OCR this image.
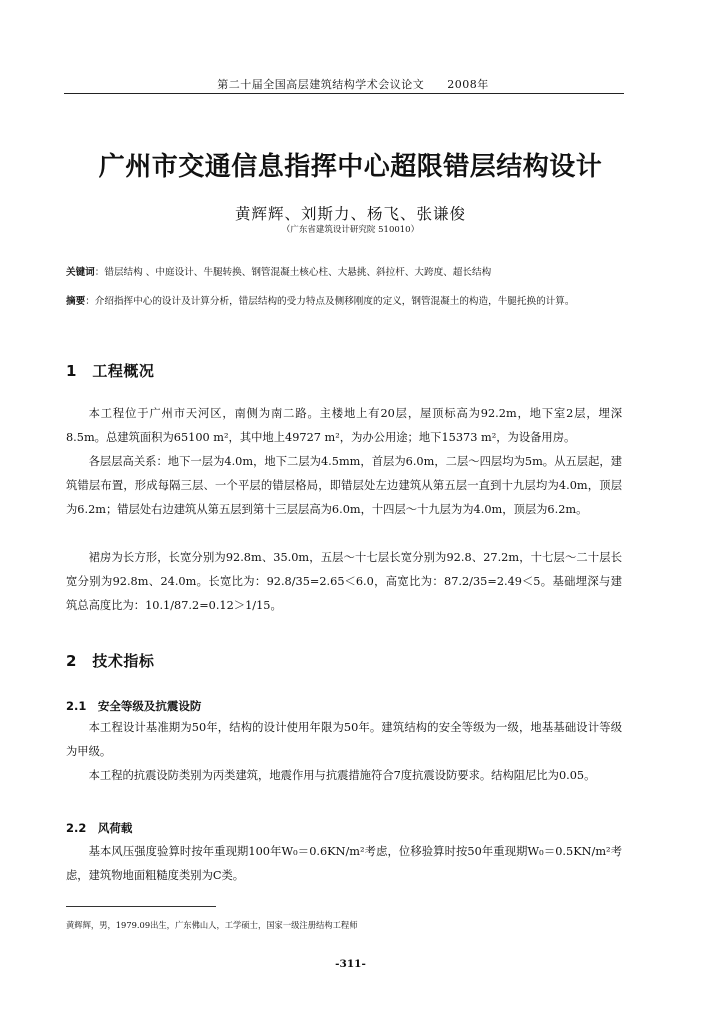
第二十届全国高层建筑结构学术会议论文　　2008年
广州市交通信息指挥中心超限错层结构设计
黄辉辉、刘斯力、杨飞、张谦俊
（广东省建筑设计研究院 510010）
关键词：错层结构 、中庭设计、牛腿转换、钢管混凝土核心柱、大悬挑、斜拉杆、大跨度、超长结构
摘要：介绍指挥中心的设计及计算分析，错层结构的受力特点及侧移刚度的定义，钢管混凝土的构造，牛腿托换的计算。
1　工程概况

本工程位于广州市天河区，南侧为南二路。主楼地上有20层，屋顶标高为92.2m，地下室2层，埋深8.5m。总建筑面积为65100 m²，其中地上49727 m²，为办公用途；地下15373 m²，为设备用房。

各层层高关系：地下一层为4.0m，地下二层为4.5mm，首层为6.0m，二层～四层均为5m。从五层起，建筑错层布置，形成每隔三层、一个平层的错层格局，即错层处左边建筑从第五层一直到十九层均为4.0m，顶层为6.2m；错层处右边建筑从第五层到第十三层层高为6.0m，十四层～十九层为为4.0m，顶层为6.2m。

裙房为长方形，长宽分别为92.8m、35.0m，五层～十七层长宽分别为92.8、27.2m，十七层～二十层长宽分别为92.8m、24.0m。长宽比为：92.8/35=2.65＜6.0，高宽比为：87.2/35=2.49＜5。基础埋深与建筑总高度比为：10.1/87.2=0.12＞1/15。

2　技术指标
2.1　安全等级及抗震设防

本工程设计基准期为50年，结构的设计使用年限为50年。建筑结构的安全等级为一级，地基基础设计等级为甲级。

本工程的抗震设防类别为丙类建筑，地震作用与抗震措施符合7度抗震设防要求。结构阻尼比为0.05。

2.2　风荷载

基本风压强度验算时按年重现期100年W₀＝0.6KN/m²考虑，位移验算时按50年重现期W₀＝0.5KN/m²考虑，建筑物地面粗糙度类别为C类。

黄辉辉，男，1979.09出生，广东佛山人，工学硕士，国家一级注册结构工程师
-311-
